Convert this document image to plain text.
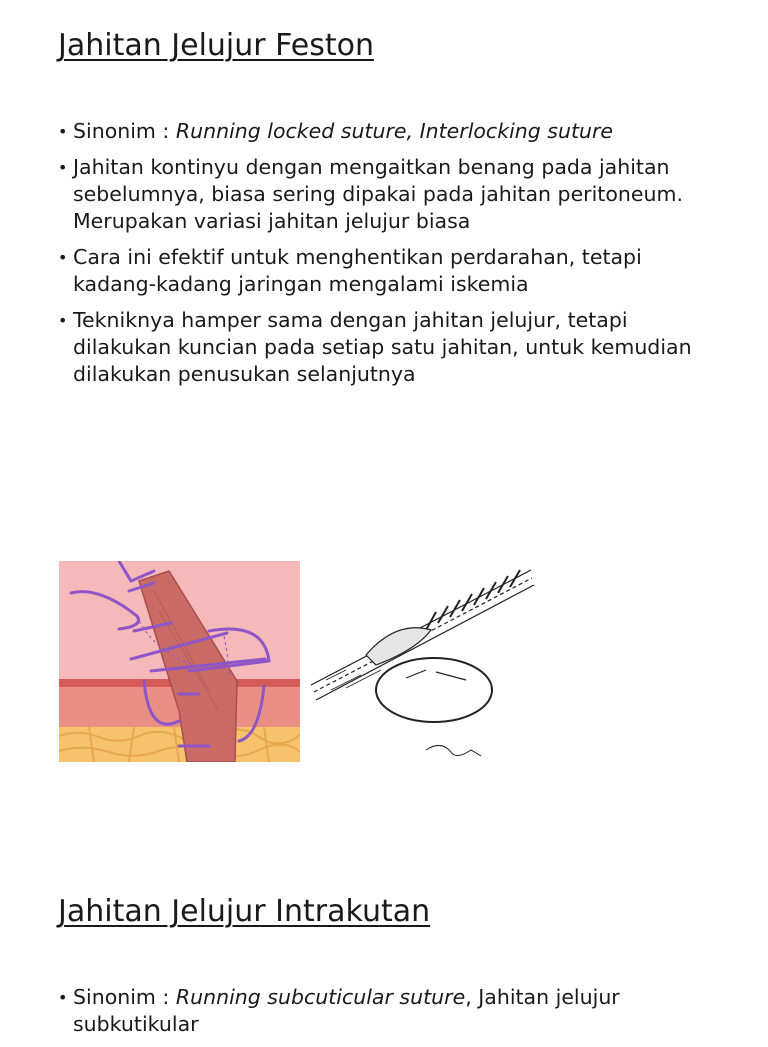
Jahitan Jelujur Feston
• Sinonim : Running locked suture, Interlocking suture
• Jahitan kontinyu dengan mengaitkan benang pada jahitan sebelumnya, biasa sering dipakai pada jahitan peritoneum. Merupakan variasi jahitan jelujur biasa
• Cara ini efektif untuk menghentikan perdarahan, tetapi kadang-kadang jaringan mengalami iskemia
• Tekniknya hamper sama dengan jahitan jelujur, tetapi dilakukan kuncian pada setiap satu jahitan, untuk kemudian dilakukan penusukan selanjutnya
Jahitan Jelujur Intrakutan
• Sinonim : Running subcuticular suture, Jahitan jelujur subkutikular
